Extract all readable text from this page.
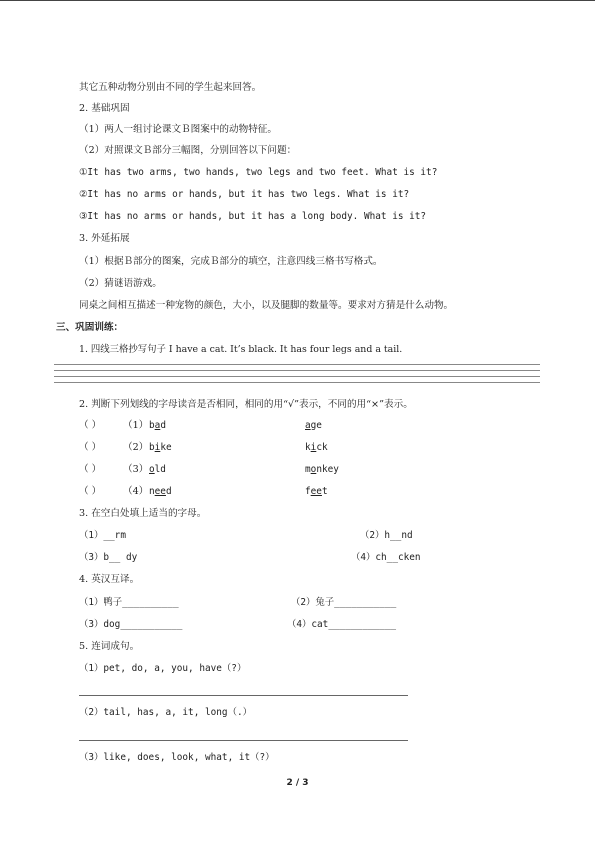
其它五种动物分别由不同的学生起来回答。
2. 基础巩固
（1）两人一组讨论课文Ｂ图案中的动物特征。
（2）对照课文Ｂ部分三幅图，分别回答以下问题：
①It has two arms, two hands, two legs and two feet. What is it?
②It has no arms or hands, but it has two legs. What is it?
③It has no arms or hands, but it has a long body. What is it?
3. 外延拓展
（1）根据Ｂ部分的图案，完成Ｂ部分的填空，注意四线三格书写格式。
（2）猜谜语游戏。
同桌之间相互描述一种宠物的颜色，大小，以及腿脚的数量等。要求对方猜是什么动物。
三、巩固训练：
1. 四线三格抄写句子 I have a cat. It’s black. It has four legs and a tail.
2. 判断下列划线的字母读音是否相同，相同的用“√”表示，不同的用“×”表示。
（ ） （1） bad	age
（ ） （2） bike	kick
（ ） （3） old	monkey
（ ） （4） need	feet
3. 在空白处填上适当的字母。
（1）__rm	（2）h__nd
（3）b__ dy	（4）ch__cken
4. 英汉互译。
（1）鸭子__________	（2）兔子___________
（3）dog___________	（4）cat____________
5. 连词成句。
（1）pet, do, a, you, have（?）
（2）tail, has, a, it, long（.）
（3）like, does, look, what, it（?）
2 / 3
